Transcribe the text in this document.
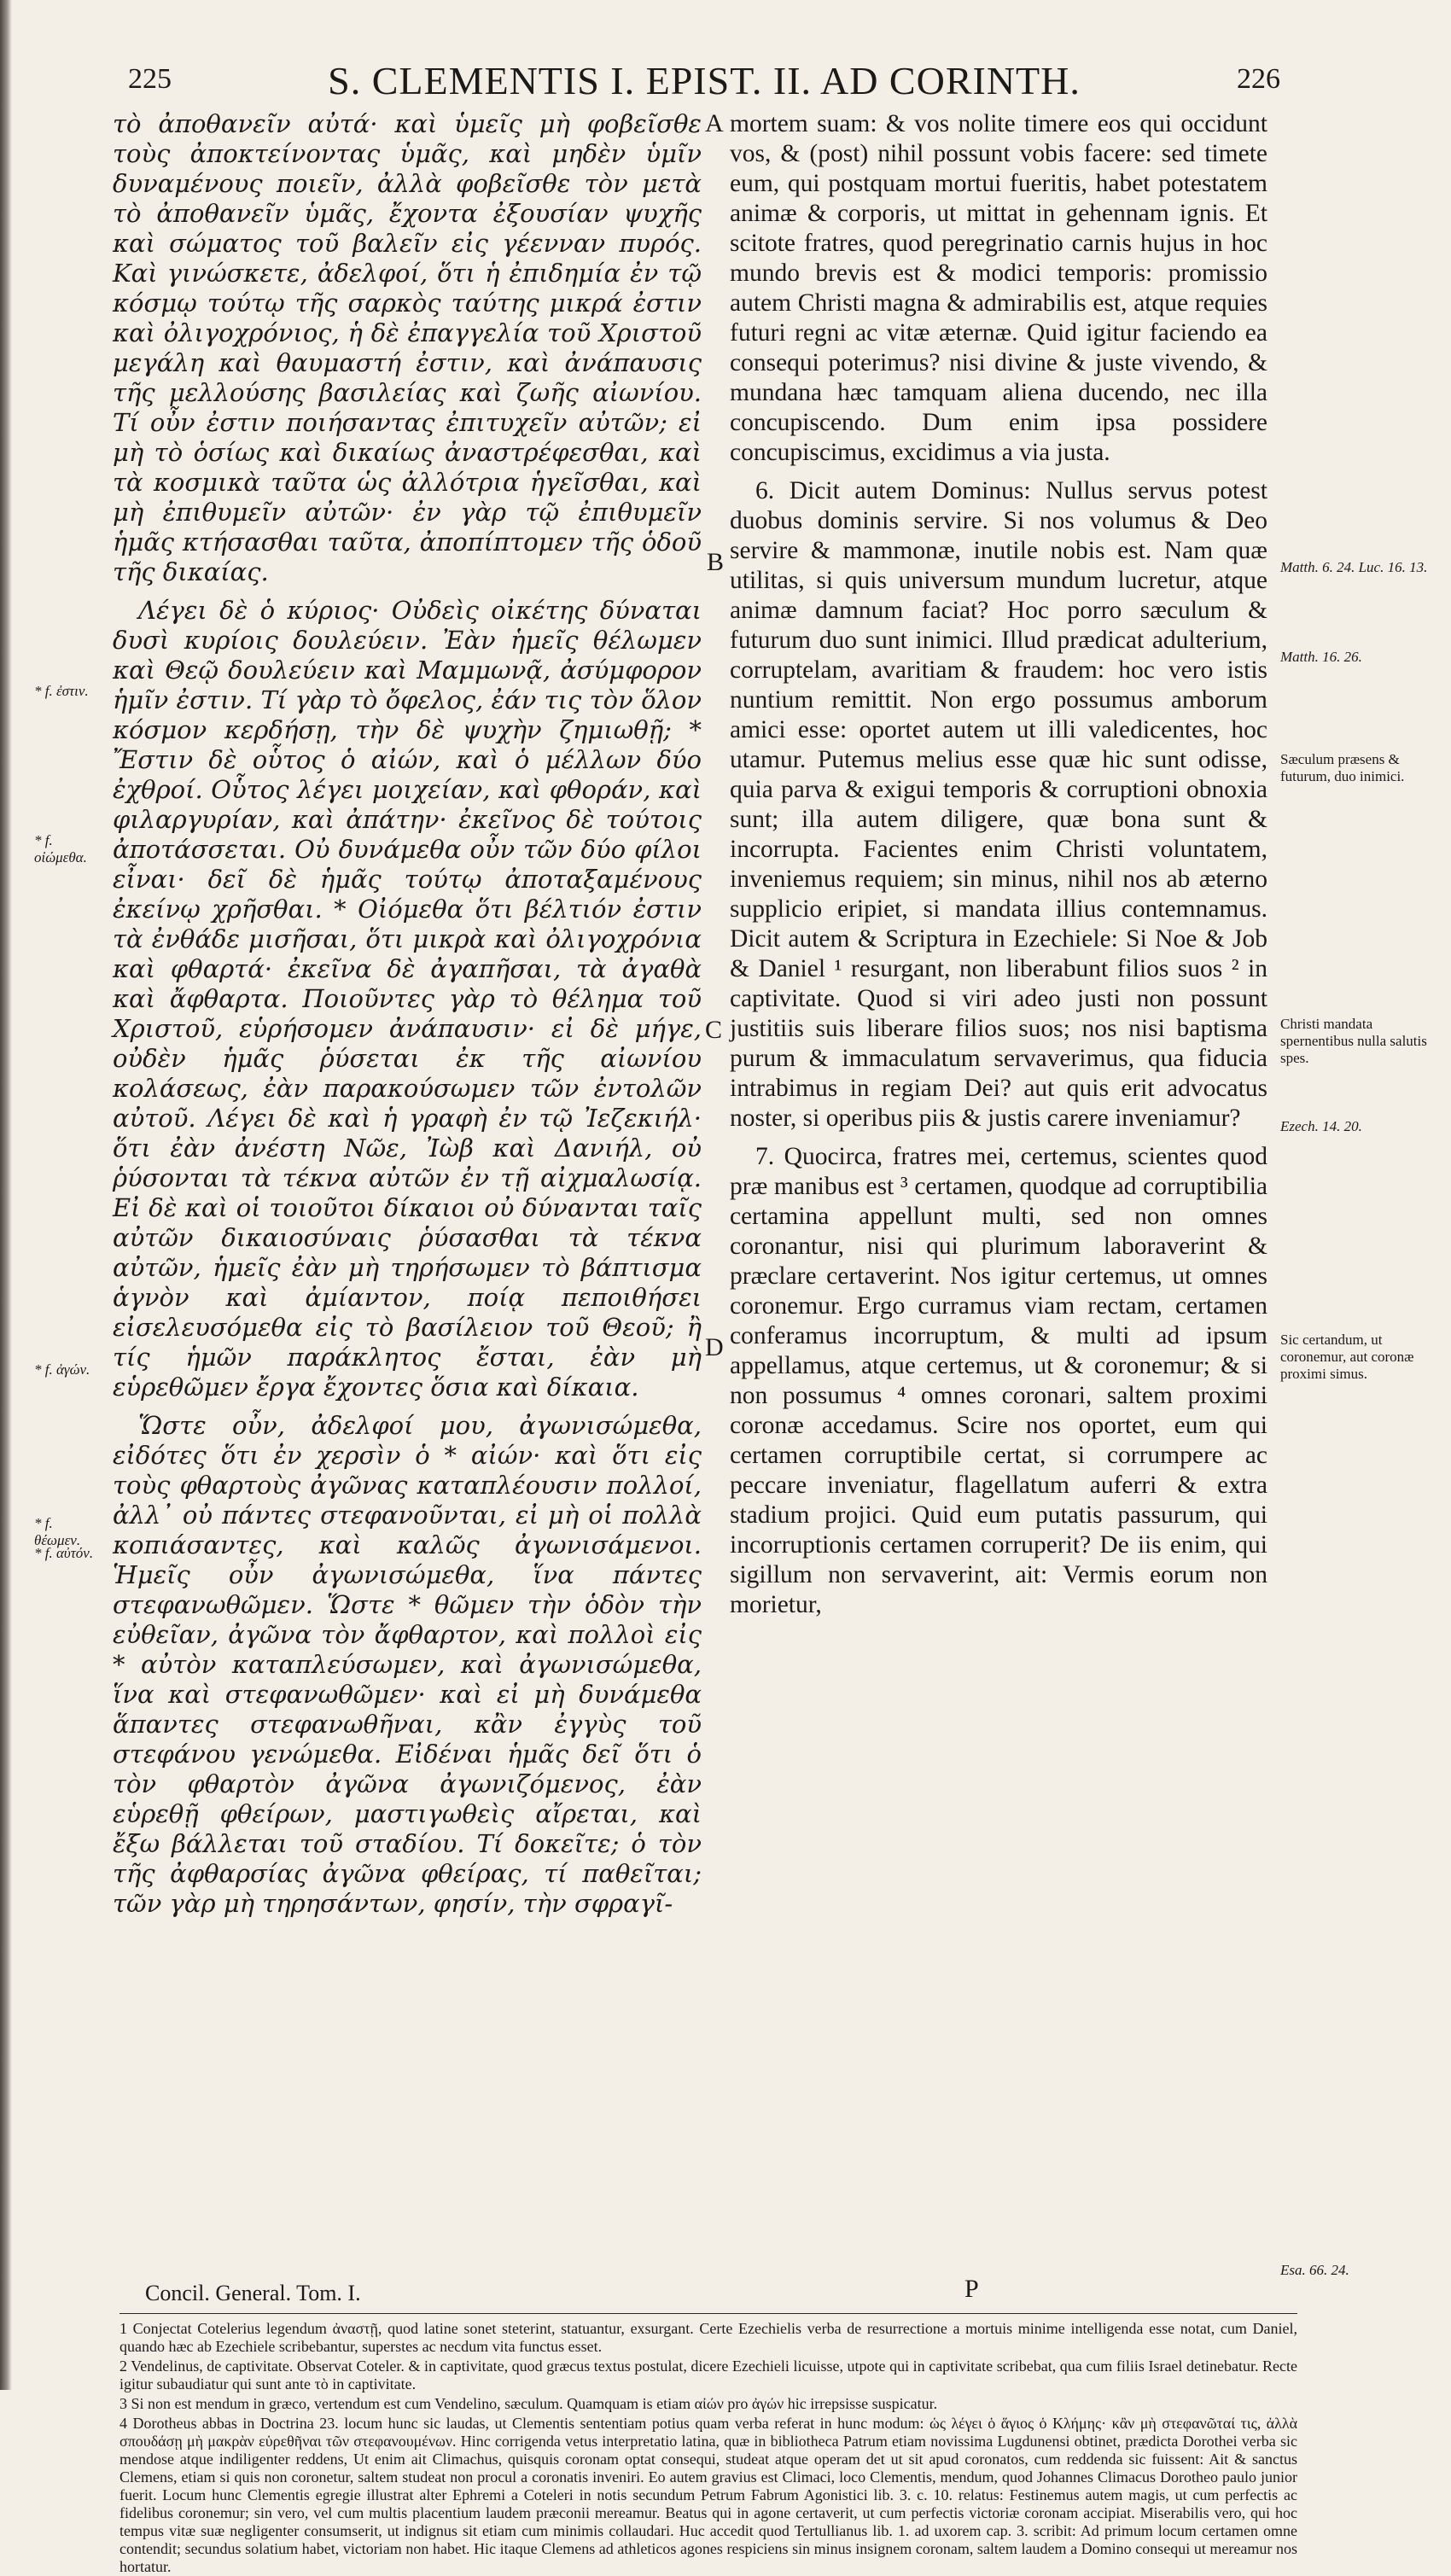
225	S. CLEMENTIS I. EPIST. II. AD CORINTH.	226

τὸ ἀποθανεῖν αὐτά· καὶ ὑμεῖς μὴ φοβεῖσθε τοὺς ἀποκτείνοντας ὑμᾶς, καὶ μηδὲν ὑμῖν δυναμένους ποιεῖν, ἀλλὰ φοβεῖσθε τὸν μετὰ τὸ ἀποθανεῖν ὑμᾶς, ἔχοντα ἐξουσίαν ψυχῆς καὶ σώματος τοῦ βαλεῖν εἰς γέενναν πυρός. Καὶ γινώσκετε, ἀδελφοί, ὅτι ἡ ἐπιδημία ἐν τῷ κόσμῳ τούτῳ τῆς σαρκὸς ταύτης μικρά ἐστιν καὶ ὀλιγοχρόνιος, ἡ δὲ ἐπαγγελία τοῦ Χριστοῦ μεγάλη καὶ θαυμαστή ἐστιν, καὶ ἀνάπαυσις τῆς μελλούσης βασιλείας καὶ ζωῆς αἰωνίου. Τί οὖν ἐστιν ποιήσαντας ἐπιτυχεῖν αὐτῶν; εἰ μὴ τὸ ὁσίως καὶ δικαίως ἀναστρέφεσθαι, καὶ τὰ κοσμικὰ ταῦτα ὡς ἀλλότρια ἡγεῖσθαι, καὶ μὴ ἐπιθυμεῖν αὐτῶν· ἐν γὰρ τῷ ἐπιθυμεῖν ἡμᾶς κτήσασθαι ταῦτα, ἀποπίπτομεν τῆς ὁδοῦ τῆς δικαίας.

Λέγει δὲ ὁ κύριος· Οὐδεὶς οἰκέτης δύναται δυσὶ κυρίοις δουλεύειν. Ἐὰν ἡμεῖς θέλωμεν καὶ Θεῷ δουλεύειν καὶ Μαμμωνᾷ, ἀσύμφορον ἡμῖν ἐστιν. Τί γὰρ τὸ ὄφελος, ἐάν τις τὸν ὅλον κόσμον κερδήσῃ, τὴν δὲ ψυχὴν ζημιωθῇ; * Ἔστιν δὲ οὗτος ὁ αἰών, καὶ ὁ μέλλων δύο ἐχθροί. Οὗτος λέγει μοιχείαν, καὶ φθοράν, καὶ φιλαργυρίαν, καὶ ἀπάτην· ἐκεῖνος δὲ τούτοις ἀποτάσσεται. Οὐ δυνάμεθα οὖν τῶν δύο φίλοι εἶναι· δεῖ δὲ ἡμᾶς τούτῳ ἀποταξαμένους ἐκείνῳ χρῆσθαι. * Οἰόμεθα ὅτι βέλτιόν ἐστιν τὰ ἐνθάδε μισῆσαι, ὅτι μικρὰ καὶ ὀλιγοχρόνια καὶ φθαρτά· ἐκεῖνα δὲ ἀγαπῆσαι, τὰ ἀγαθὰ καὶ ἄφθαρτα. Ποιοῦντες γὰρ τὸ θέλημα τοῦ Χριστοῦ, εὑρήσομεν ἀνάπαυσιν· εἰ δὲ μήγε, οὐδὲν ἡμᾶς ῥύσεται ἐκ τῆς αἰωνίου κολάσεως, ἐὰν παρακούσωμεν τῶν ἐντολῶν αὐτοῦ. Λέγει δὲ καὶ ἡ γραφὴ ἐν τῷ Ἰεζεκιήλ· ὅτι ἐὰν ἀνέστη Νῶε, Ἰὼβ καὶ Δανιήλ, οὐ ῥύσονται τὰ τέκνα αὐτῶν ἐν τῇ αἰχμαλωσίᾳ. Εἰ δὲ καὶ οἱ τοιοῦτοι δίκαιοι οὐ δύνανται ταῖς αὐτῶν δικαιοσύναις ῥύσασθαι τὰ τέκνα αὐτῶν, ἡμεῖς ἐὰν μὴ τηρήσωμεν τὸ βάπτισμα ἁγνὸν καὶ ἀμίαντον, ποίᾳ πεποιθήσει εἰσελευσόμεθα εἰς τὸ βασίλειον τοῦ Θεοῦ; ἢ τίς ἡμῶν παράκλητος ἔσται, ἐὰν μὴ εὑρεθῶμεν ἔργα ἔχοντες ὅσια καὶ δίκαια.

Ὥστε οὖν, ἀδελφοί μου, ἀγωνισώμεθα, εἰδότες ὅτι ἐν χερσὶν ὁ * αἰών· καὶ ὅτι εἰς τοὺς φθαρτοὺς ἀγῶνας καταπλέουσιν πολλοί, ἀλλ᾽ οὐ πάντες στεφανοῦνται, εἰ μὴ οἱ πολλὰ κοπιάσαντες, καὶ καλῶς ἀγωνισάμενοι. Ἡμεῖς οὖν ἀγωνισώμεθα, ἵνα πάντες στεφανωθῶμεν. Ὥστε * θῶμεν τὴν ὁδὸν τὴν εὐθεῖαν, ἀγῶνα τὸν ἄφθαρτον, καὶ πολλοὶ εἰς * αὐτὸν καταπλεύσωμεν, καὶ ἀγωνισώμεθα, ἵνα καὶ στεφανωθῶμεν· καὶ εἰ μὴ δυνάμεθα ἅπαντες στεφανωθῆναι, κἂν ἐγγὺς τοῦ στεφάνου γενώμεθα. Εἰδέναι ἡμᾶς δεῖ ὅτι ὁ τὸν φθαρτὸν ἀγῶνα ἀγωνιζόμενος, ἐὰν εὑρεθῇ φθείρων, μαστιγωθεὶς αἴρεται, καὶ ἔξω βάλλεται τοῦ σταδίου. Τί δοκεῖτε; ὁ τὸν τῆς ἀφθαρσίας ἀγῶνα φθείρας, τί παθεῖται; τῶν γὰρ μὴ τηρησάντων, φησίν, τὴν σφραγῖ-

A
B
C
D

mortem suam: & vos nolite timere eos qui occidunt vos, & (post) nihil possunt vobis facere: sed timete eum, qui postquam mortui fueritis, habet potestatem animæ & corporis, ut mittat in gehennam ignis. Et scitote fratres, quod peregrinatio carnis hujus in hoc mundo brevis est & modici temporis: promissio autem Christi magna & admirabilis est, atque requies futuri regni ac vitæ æternæ. Quid igitur faciendo ea consequi poterimus? nisi divine & juste vivendo, & mundana hæc tamquam aliena ducendo, nec illa concupiscendo. Dum enim ipsa possidere concupiscimus, excidimus a via justa.

6. Dicit autem Dominus: Nullus servus potest duobus dominis servire. Si nos volumus & Deo servire & mammonæ, inutile nobis est. Nam quæ utilitas, si quis universum mundum lucretur, atque animæ damnum faciat? Hoc porro sæculum & futurum duo sunt inimici. Illud prædicat adulterium, corruptelam, avaritiam & fraudem: hoc vero istis nuntium remittit. Non ergo possumus amborum amici esse: oportet autem ut illi valedicentes, hoc utamur. Putemus melius esse quæ hic sunt odisse, quia parva & exigui temporis & corruptioni obnoxia sunt; illa autem diligere, quæ bona sunt & incorrupta. Facientes enim Christi voluntatem, inveniemus requiem; sin minus, nihil nos ab æterno supplicio eripiet, si mandata illius contemnamus. Dicit autem & Scriptura in Ezechiele: Si Noe & Job & Daniel ¹ resurgant, non liberabunt filios suos ² in captivitate. Quod si viri adeo justi non possunt justitiis suis liberare filios suos; nos nisi baptisma purum & immaculatum servaverimus, qua fiducia intrabimus in regiam Dei? aut quis erit advocatus noster, si operibus piis & justis carere inveniamur?

7. Quocirca, fratres mei, certemus, scientes quod præ manibus est ³ certamen, quodque ad corruptibilia certamina appellunt multi, sed non omnes coronantur, nisi qui plurimum laboraverint & præclare certaverint. Nos igitur certemus, ut omnes coronemur. Ergo curramus viam rectam, certamen conferamus incorruptum, & multi ad ipsum appellamus, atque certemus, ut & coronemur; & si non possumus ⁴ omnes coronari, saltem proximi coronæ accedamus. Scire nos oportet, eum qui certamen corruptibile certat, si corrumpere ac peccare inveniatur, flagellatum auferri & extra stadium projici. Quid eum putatis passurum, qui incorruptionis certamen corruperit? De iis enim, qui sigillum non servaverint, ait: Vermis eorum non morietur,

* f. ἐστιν.
* f. οἰώμεθα.
* f. ἀγών.
* f. θέωμεν.
* f. αὐτόν.
Matth. 6. 24. Luc. 16. 13.
Matth. 16. 26.
Sæculum præsens & futurum, duo inimici.
Christi mandata spernentibus nulla salutis spes.
Ezech. 14. 20.
Sic certandum, ut coronemur, aut coronæ proximi simus.
Esa. 66. 24.
Concil. General. Tom. I.	P

1 Conjectat Cotelerius legendum ἀναστῇ, quod latine sonet steterint, statuantur, exsurgant. Certe Ezechielis verba de resurrectione a mortuis minime intelligenda esse notat, cum Daniel, quando hæc ab Ezechiele scribebantur, superstes ac necdum vita functus esset.

2 Vendelinus, de captivitate. Observat Coteler. & in captivitate, quod græcus textus postulat, dicere Ezechieli licuisse, utpote qui in captivitate scribebat, qua cum filiis Israel detinebatur. Recte igitur subaudiatur qui sunt ante τὸ in captivitate.

3 Si non est mendum in græco, vertendum est cum Vendelino, sæculum. Quamquam is etiam αἰών pro ἀγών hic irrepsisse suspicatur.

4 Dorotheus abbas in Doctrina 23. locum hunc sic laudas, ut Clementis sententiam potius quam verba referat in hunc modum: ὡς λέγει ὁ ἅγιος ὁ Κλήμης· κἂν μὴ στεφανῶταί τις, ἀλλὰ σπουδάσῃ μὴ μακρὰν εὑρεθῆναι τῶν στεφανουμένων. Hinc corrigenda vetus interpretatio latina, quæ in bibliotheca Patrum etiam novissima Lugdunensi obtinet, prædicta Dorothei verba sic mendose atque indiligenter reddens, Ut enim ait Climachus, quisquis coronam optat consequi, studeat atque operam det ut sit apud coronatos, cum reddenda sic fuissent: Ait & sanctus Clemens, etiam si quis non coronetur, saltem studeat non procul a coronatis inveniri. Eo autem gravius est Climaci, loco Clementis, mendum, quod Johannes Climacus Dorotheo paulo junior fuerit. Locum hunc Clementis egregie illustrat alter Ephremi a Coteleri in notis secundum Petrum Fabrum Agonistici lib. 3. c. 10. relatus: Festinemus autem magis, ut cum perfectis ac fidelibus coronemur; sin vero, vel cum multis placentium laudem præconii mereamur. Beatus qui in agone certaverit, ut cum perfectis victoriæ coronam accipiat. Miserabilis vero, qui hoc tempus vitæ suæ negligenter consumserit, ut indignus sit etiam cum minimis collaudari. Huc accedit quod Tertullianus lib. 1. ad uxorem cap. 3. scribit: Ad primum locum certamen omne contendit; secundus solatium habet, victoriam non habet. Hic itaque Clemens ad athleticos agones respiciens sin minus insignem coronam, saltem laudem a Domino consequi ut mereamur nos hortatur.
